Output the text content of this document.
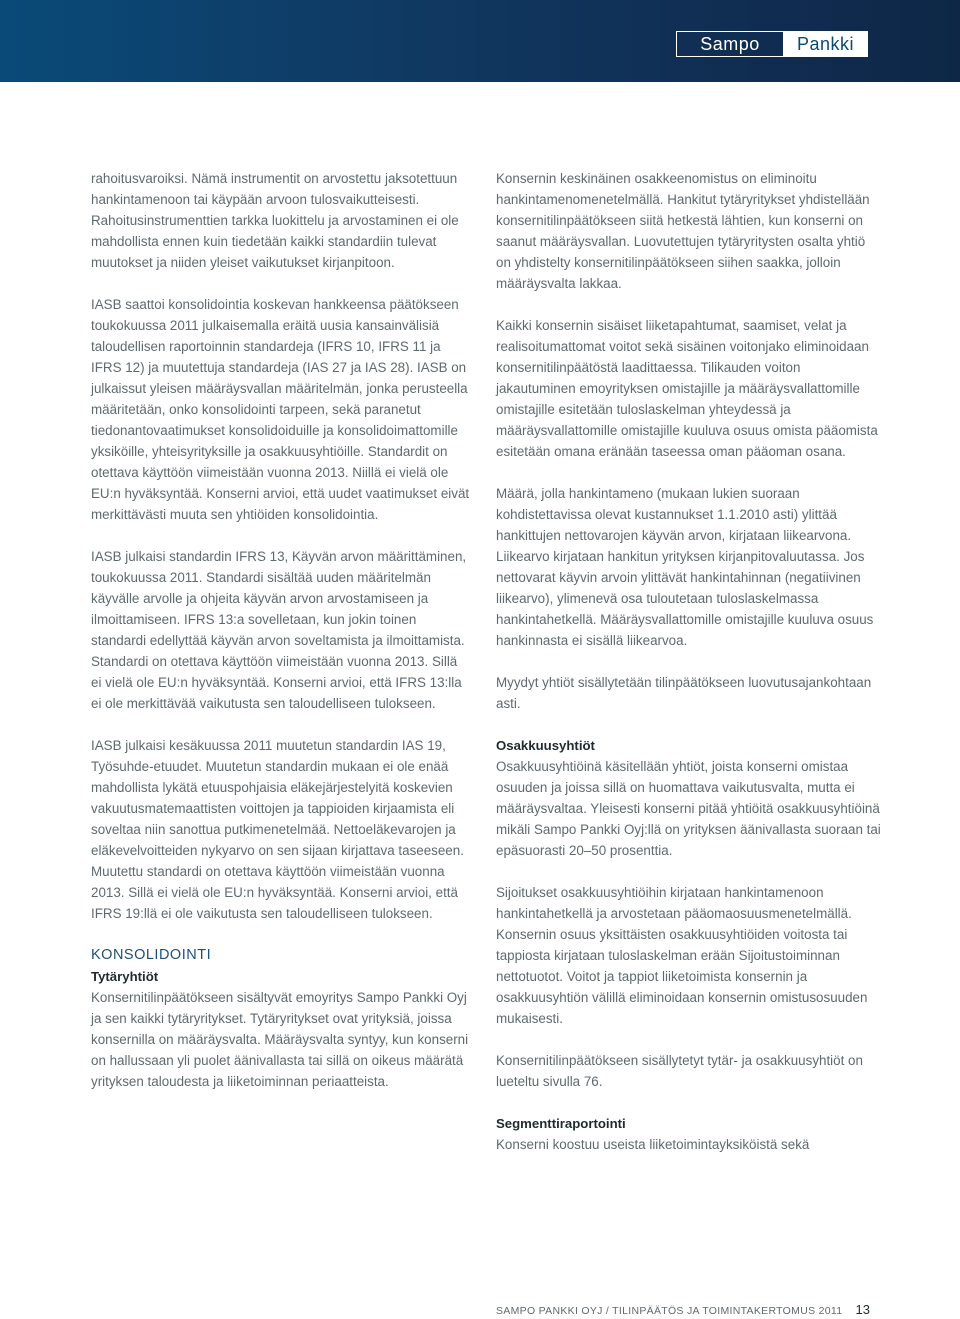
Sampo	Pankki

rahoitusvaroiksi. Nämä instrumentit on arvostettu jaksotettuun hankintamenoon tai käypään arvoon tulosvaikutteisesti. Rahoitusinstrumenttien tarkka luokittelu ja arvostaminen ei ole mahdollista ennen kuin tiedetään kaikki standardiin tulevat muutokset ja niiden yleiset vaikutukset kirjanpitoon.

IASB saattoi konsolidointia koskevan hankkeensa päätökseen toukokuussa 2011 julkaisemalla eräitä uusia kansainvälisiä taloudellisen raportoinnin standardeja (IFRS 10, IFRS 11 ja IFRS 12) ja muutettuja standardeja (IAS 27 ja IAS 28). IASB on julkaissut yleisen määräysvallan määritelmän, jonka perusteella määritetään, onko konsolidointi tarpeen, sekä paranetut tiedonantovaatimukset konsolidoiduille ja konsolidoimattomille yksiköille, yhteisyrityksille ja osakkuusyhtiöille. Standardit on otettava käyttöön viimeistään vuonna 2013. Niillä ei vielä ole EU:n hyväksyntää. Konserni arvioi, että uudet vaatimukset eivät merkittävästi muuta sen yhtiöiden konsolidointia.

IASB julkaisi standardin IFRS 13, Käyvän arvon määrittäminen, toukokuussa 2011. Standardi sisältää uuden määritelmän käyvälle arvolle ja ohjeita käyvän arvon arvostamiseen ja ilmoittamiseen. IFRS 13:a sovelletaan, kun jokin toinen standardi edellyttää käyvän arvon soveltamista ja ilmoittamista. Standardi on otettava käyttöön viimeistään vuonna 2013. Sillä ei vielä ole EU:n hyväksyntää. Konserni arvioi, että IFRS 13:lla ei ole merkittävää vaikutusta sen taloudelliseen tulokseen.

IASB julkaisi kesäkuussa 2011 muutetun standardin IAS 19, Työsuhde-etuudet. Muutetun standardin mukaan ei ole enää mahdollista lykätä etuuspohjaisia eläkejärjestelyitä koskevien vakuutusmatemaattisten voittojen ja tappioiden kirjaamista eli soveltaa niin sanottua putkimenetelmää. Nettoeläkevarojen ja eläkevelvoitteiden nykyarvo on sen sijaan kirjattava taseeseen. Muutettu standardi on otettava käyttöön viimeistään vuonna 2013. Sillä ei vielä ole EU:n hyväksyntää. Konserni arvioi, että IFRS 19:llä ei ole vaikutusta sen taloudelliseen tulokseen.

KONSOLIDOINTI
Tytäryhtiöt

Konsernitilinpäätökseen sisältyvät emoyritys Sampo Pankki Oyj ja sen kaikki tytäryritykset. Tytäryritykset ovat yrityksiä, joissa konsernilla on määräysvalta. Määräysvalta syntyy, kun konserni on hallussaan yli puolet äänivallasta tai sillä on oikeus määrätä yrityksen taloudesta ja liiketoiminnan periaatteista.

Konsernin keskinäinen osakkeenomistus on eliminoitu hankintamenomenetelmällä. Hankitut tytäryritykset yhdistellään konsernitilinpäätökseen siitä hetkestä lähtien, kun konserni on saanut määräysvallan. Luovutettujen tytäryritysten osalta yhtiö on yhdistelty konsernitilinpäätökseen siihen saakka, jolloin määräysvalta lakkaa.

Kaikki konsernin sisäiset liiketapahtumat, saamiset, velat ja realisoitumattomat voitot sekä sisäinen voitonjako eliminoidaan konsernitilinpäätöstä laadittaessa. Tilikauden voiton jakautuminen emoyrityksen omistajille ja määräysvallattomille omistajille esitetään tuloslaskelman yhteydessä ja määräysvallattomille omistajille kuuluva osuus omista pääomista esitetään omana eränään taseessa oman pääoman osana.

Määrä, jolla hankintameno (mukaan lukien suoraan kohdistettavissa olevat kustannukset 1.1.2010 asti) ylittää hankittujen nettovarojen käyvän arvon, kirjataan liikearvona. Liikearvo kirjataan hankitun yrityksen kirjanpitovaluutassa. Jos nettovarat käyvin arvoin ylittävät hankintahinnan (negatiivinen liikearvo), ylimenevä osa tuloutetaan tuloslaskelmassa hankintahetkellä. Määräysvallattomille omistajille kuuluva osuus hankinnasta ei sisällä liikearvoa.

Myydyt yhtiöt sisällytetään tilinpäätökseen luovutusajankohtaan asti.

Osakkuusyhtiöt

Osakkuusyhtiöinä käsitellään yhtiöt, joista konserni omistaa osuuden ja joissa sillä on huomattava vaikutusvalta, mutta ei määräysvaltaa. Yleisesti konserni pitää yhtiöitä osakkuusyhtiöinä mikäli Sampo Pankki Oyj:llä on yrityksen äänivallasta suoraan tai epäsuorasti 20–50 prosenttia.

Sijoitukset osakkuusyhtiöihin kirjataan hankintamenoon hankintahetkellä ja arvostetaan pääomaosuusmenetelmällä. Konsernin osuus yksittäisten osakkuusyhtiöiden voitosta tai tappiosta kirjataan tuloslaskelman erään Sijoitustoiminnan nettotuotot. Voitot ja tappiot liiketoimista konsernin ja osakkuusyhtiön välillä eliminoidaan konsernin omistusosuuden mukaisesti.

Konsernitilinpäätökseen sisällytetyt tytär- ja osakkuusyhtiöt on lueteltu sivulla 76.

Segmenttiraportointi

Konserni koostuu useista liiketoimintayksiköistä sekä

SAMPO PANKKI OYJ / TILINPÄÄTÖS JA TOIMINTAKERTOMUS 2011 13
